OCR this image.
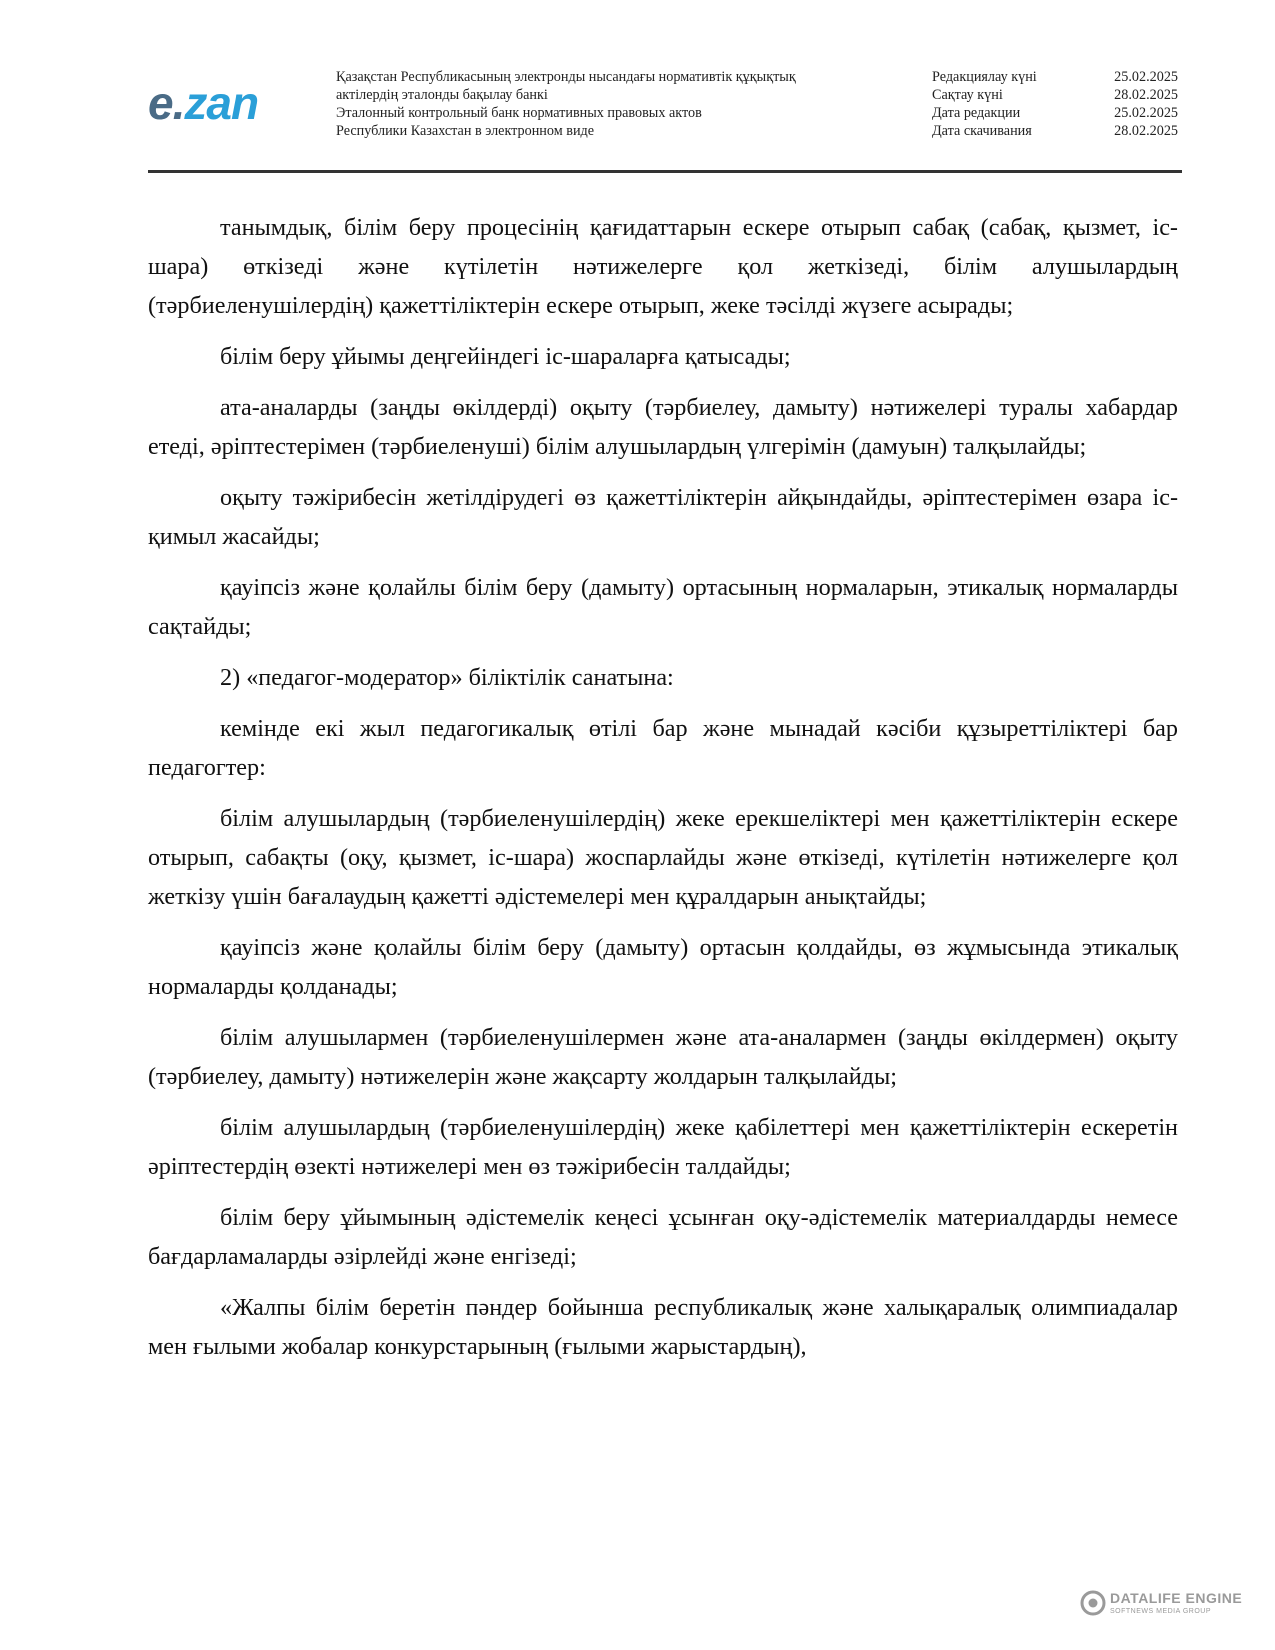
e.zan	Қазақстан Республикасының электронды нысандағы нормативтік құқықтық
актілердің эталонды бақылау банкі
Эталонный контрольный банк нормативных правовых актов
Республики Казахстан в электронном виде
Редакциялау күні	25.02.2025
Сақтау күні	28.02.2025
Дата редакции	25.02.2025
Дата скачивания	28.02.2025

танымдық, білім беру процесінің қағидаттарын ескере отырып сабақ (сабақ, қызмет, іс-шара) өткізеді және күтілетін нәтижелерге қол жеткізеді, білім алушылардың (тәрбиеленушілердің) қажеттіліктерін ескере отырып, жеке тәсілді жүзеге асырады;

білім беру ұйымы деңгейіндегі іс-шараларға қатысады;

ата-аналарды (заңды өкілдерді) оқыту (тәрбиелеу, дамыту) нәтижелері туралы хабардар етеді, әріптестерімен (тәрбиеленуші) білім алушылардың үлгерімін (дамуын) талқылайды;

оқыту тәжірибесін жетілдірудегі өз қажеттіліктерін айқындайды, әріптестерімен өзара іс-қимыл жасайды;

қауіпсіз және қолайлы білім беру (дамыту) ортасының нормаларын, этикалық нормаларды сақтайды;

2) «педагог-модератор» біліктілік санатына:

кемінде екі жыл педагогикалық өтілі бар және мынадай кәсіби құзыреттіліктері бар педагогтер:

білім алушылардың (тәрбиеленушілердің) жеке ерекшеліктері мен қажеттіліктерін ескере отырып, сабақты (оқу, қызмет, іс-шара) жоспарлайды және өткізеді, күтілетін нәтижелерге қол жеткізу үшін бағалаудың қажетті әдістемелері мен құралдарын анықтайды;

қауіпсіз және қолайлы білім беру (дамыту) ортасын қолдайды, өз жұмысында этикалық нормаларды қолданады;

білім алушылармен (тәрбиеленушілермен және ата-аналармен (заңды өкілдермен) оқыту (тәрбиелеу, дамыту) нәтижелерін және жақсарту жолдарын талқылайды;

білім алушылардың (тәрбиеленушілердің) жеке қабілеттері мен қажеттіліктерін ескеретін әріптестердің өзекті нәтижелері мен өз тәжірибесін талдайды;

білім беру ұйымының әдістемелік кеңесі ұсынған оқу-әдістемелік материалдарды немесе бағдарламаларды әзірлейді және енгізеді;

«Жалпы білім беретін пәндер бойынша республикалық және халықаралық олимпиадалар мен ғылыми жобалар конкурстарының (ғылыми жарыстардың),

DATALIFE ENGINE
SOFTNEWS MEDIA GROUP
